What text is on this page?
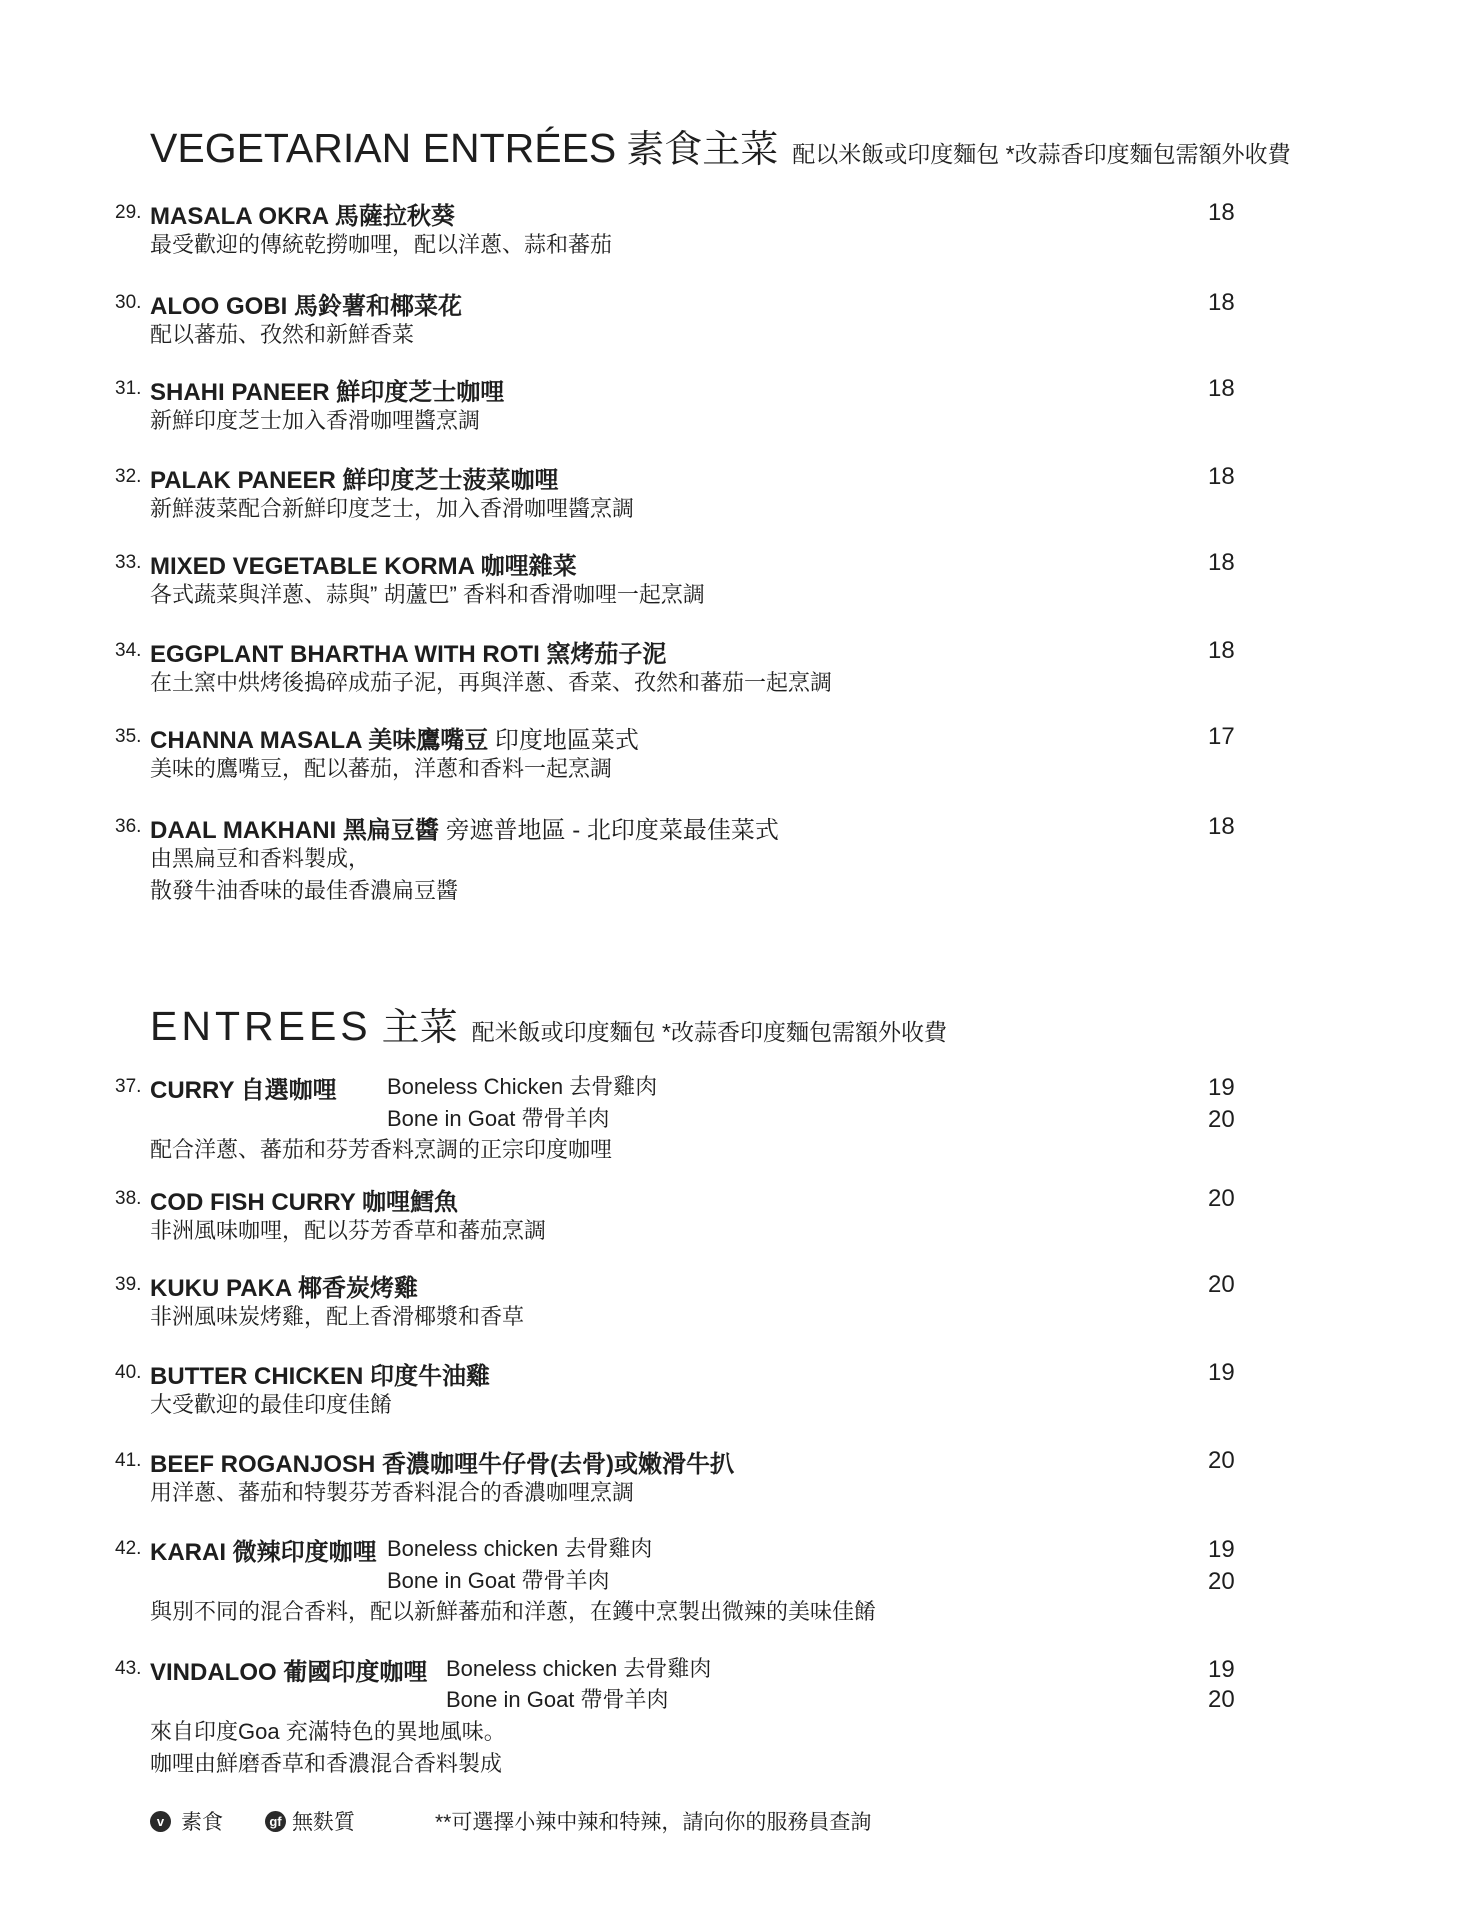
VEGETARIAN ENTRÉES 素食主菜 配以米飯或印度麵包 *改蒜香印度麵包需額外收費
29. MASALA OKRA 馬薩拉秋葵
最受歡迎的傳統乾撈咖哩，配以洋蔥、蒜和蕃茄
18
30. ALOO GOBI 馬鈴薯和椰菜花
配以蕃茄、孜然和新鮮香菜
18
31. SHAHI PANEER 鮮印度芝士咖哩
新鮮印度芝士加入香滑咖哩醬烹調
18
32. PALAK PANEER 鮮印度芝士菠菜咖哩
新鮮菠菜配合新鮮印度芝士，加入香滑咖哩醬烹調
18
33. MIXED VEGETABLE KORMA 咖哩雜菜
各式蔬菜與洋蔥、蒜與” 胡蘆巴” 香料和香滑咖哩一起烹調
18
34. EGGPLANT BHARTHA WITH ROTI 窯烤茄子泥
在土窯中烘烤後搗碎成茄子泥，再與洋蔥、香菜、孜然和蕃茄一起烹調
18
35. CHANNA MASALA 美味鷹嘴豆 印度地區菜式
美味的鷹嘴豆，配以蕃茄，洋蔥和香料一起烹調
17
36. DAAL MAKHANI 黑扁豆醬 旁遮普地區 - 北印度菜最佳菜式
由黑扁豆和香料製成，
散發牛油香味的最佳香濃扁豆醬
18
ENTREES 主菜 配米飯或印度麵包 *改蒜香印度麵包需額外收費
37. CURRY 自選咖哩 Boneless Chicken 去骨雞肉
Bone in Goat 帶骨羊肉
19
20
配合洋蔥、蕃茄和芬芳香料烹調的正宗印度咖哩
38. COD FISH CURRY 咖哩鱈魚
非洲風味咖哩，配以芬芳香草和蕃茄烹調
20
39. KUKU PAKA 椰香炭烤雞
非洲風味炭烤雞，配上香滑椰漿和香草
20
40. BUTTER CHICKEN 印度牛油雞
大受歡迎的最佳印度佳餚
19
41. BEEF ROGANJOSH 香濃咖哩牛仔骨(去骨)或嫩滑牛扒
用洋蔥、蕃茄和特製芬芳香料混合的香濃咖哩烹調
20
42. KARAI 微辣印度咖哩 Boneless chicken 去骨雞肉
Bone in Goat 帶骨羊肉
19
20
與別不同的混合香料，配以新鮮蕃茄和洋蔥，在鑊中烹製出微辣的美味佳餚
43. VINDALOO 葡國印度咖哩 Boneless chicken 去骨雞肉
Bone in Goat 帶骨羊肉
19
20
來自印度Goa 充滿特色的異地風味。
咖哩由鮮磨香草和香濃混合香料製成
v 素食	gf 無麩質	**可選擇小辣中辣和特辣，請向你的服務員查詢
